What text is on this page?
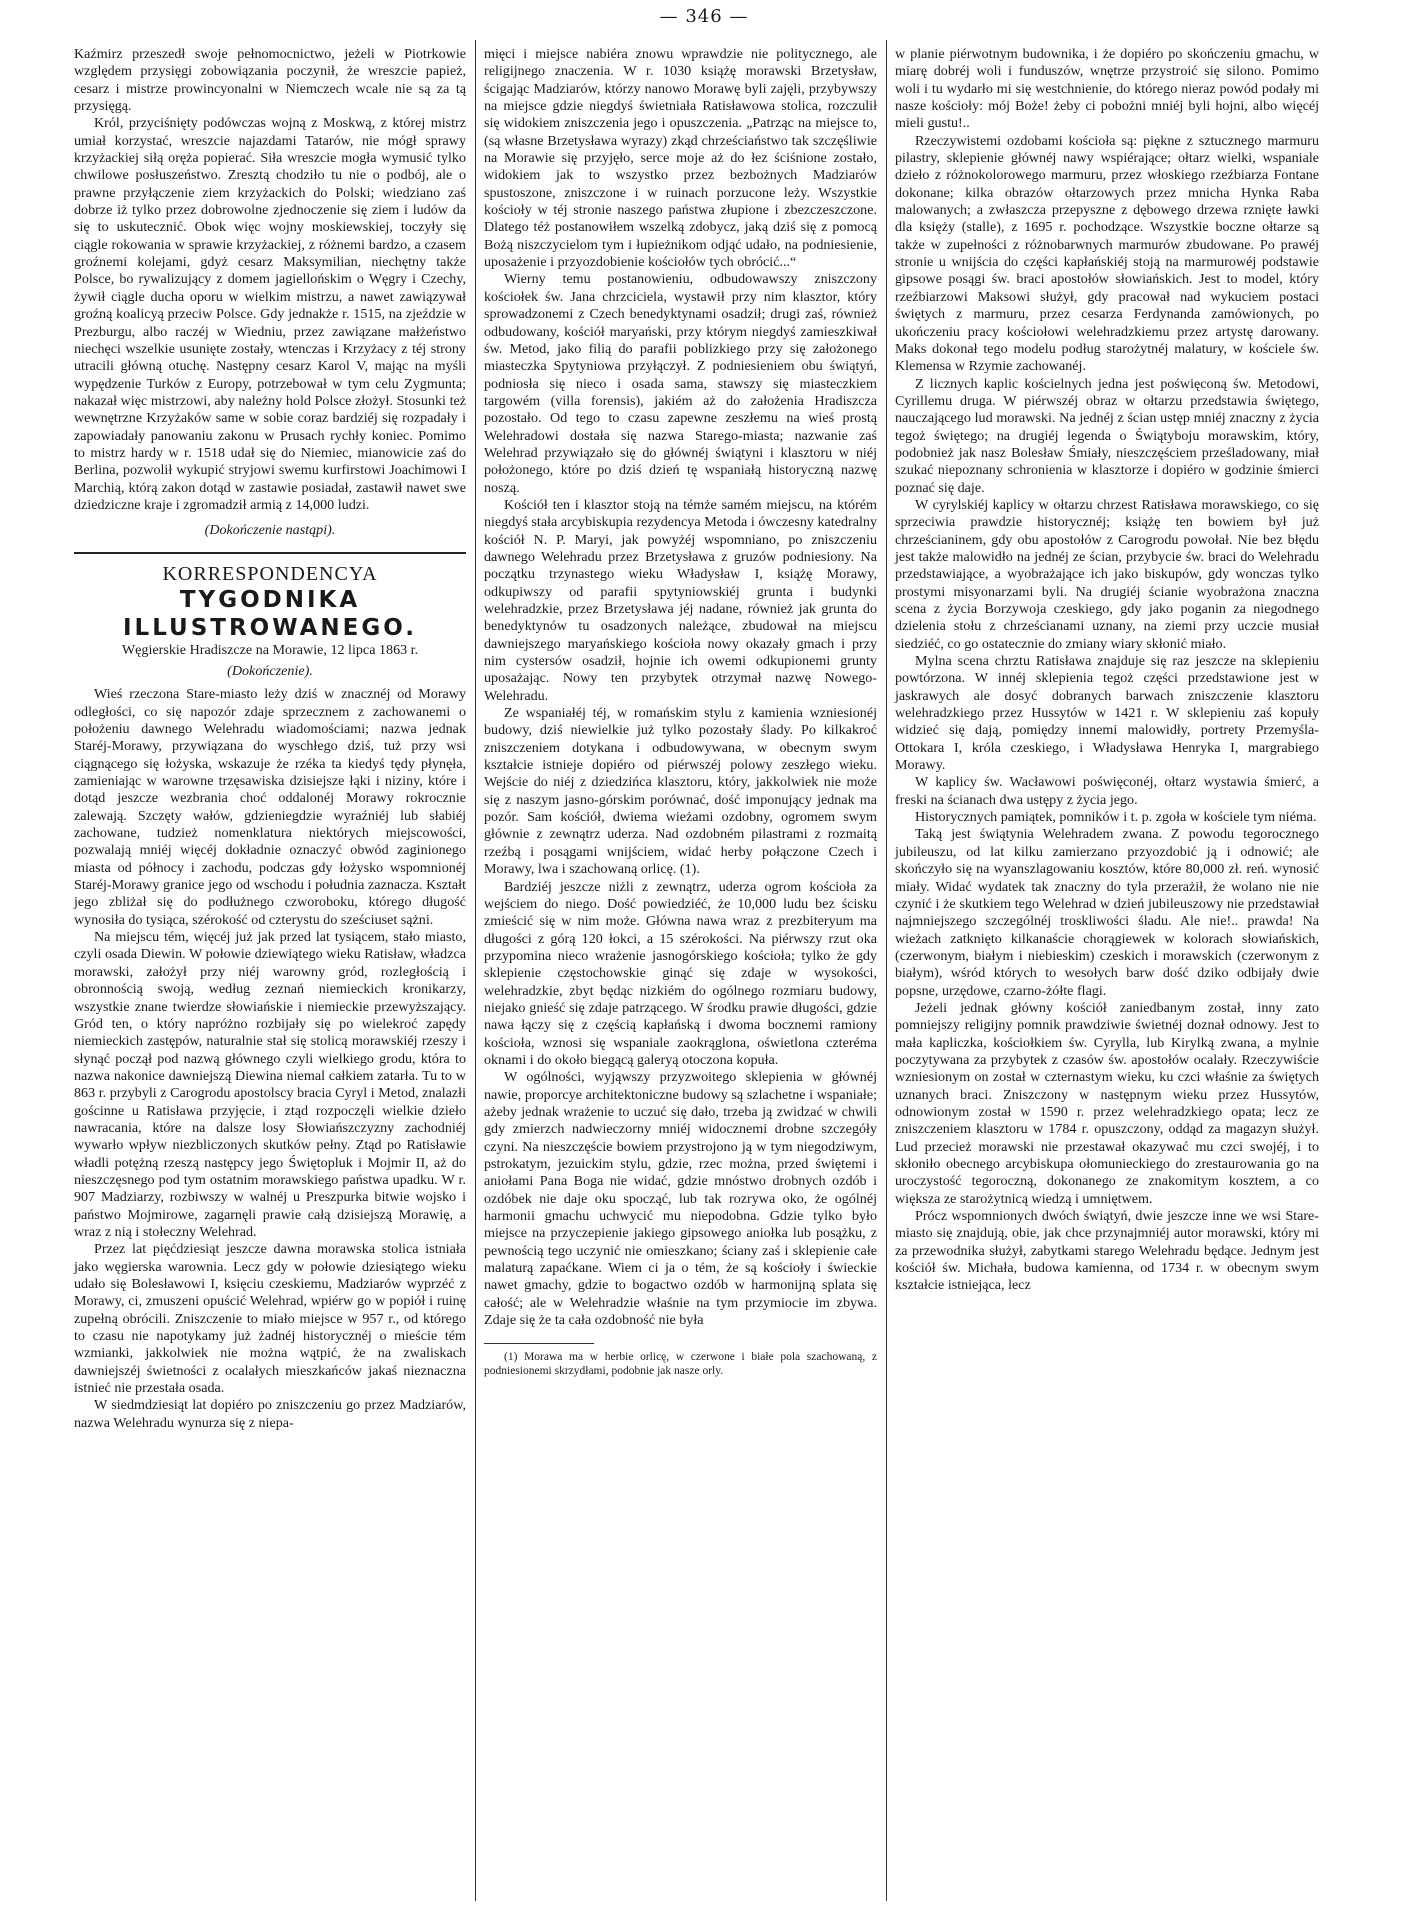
— 346 —

Kaźmirz przeszedł swoje pełnomocnictwo, jeżeli w Piotrkowie względem przysięgi zobowiązania poczynił, że wreszcie papież, cesarz i mistrze prowincyonalni w Niemczech wcale nie są za tą przysięgą.

Król, przyciśnięty podówczas wojną z Moskwą, z której mistrz umiał korzystać, wreszcie najazdami Tatarów, nie mógł sprawy krzyżackiej siłą oręża popierać. Siła wreszcie mogła wymusić tylko chwilowe posłuszeństwo. Zresztą chodziło tu nie o podbój, ale o prawne przyłączenie ziem krzyżackich do Polski; wiedziano zaś dobrze iż tylko przez dobrowolne zjednoczenie się ziem i ludów da się to uskutecznić. Obok więc wojny moskiewskiej, toczyły się ciągle rokowania w sprawie krzyżackiej, z różnemi bardzo, a czasem groźnemi kolejami, gdyż cesarz Maksymilian, niechętny także Polsce, bo rywalizujący z domem jagiellońskim o Węgry i Czechy, żywił ciągle ducha oporu w wielkim mistrzu, a nawet zawiązywał groźną koalicyą przeciw Polsce. Gdy jednakże r. 1515, na zjeździe w Prezburgu, albo raczéj w Wiedniu, przez zawiązane małżeństwo niechęci wszelkie usunięte zostały, wtenczas i Krzyżacy z téj strony utracili główną otuchę. Następny cesarz Karol V, mając na myśli wypędzenie Turków z Europy, potrzebował w tym celu Zygmunta; nakazał więc mistrzowi, aby należny hold Polsce złożył. Stosunki też wewnętrzne Krzyżaków same w sobie coraz bardziéj się rozpadały i zapowiadały panowaniu zakonu w Prusach rychły koniec. Pomimo to mistrz hardy w r. 1518 udał się do Niemiec, mianowicie zaś do Berlina, pozwolił wykupić stryjowi swemu kurfirstowi Joachimowi I Marchią, którą zakon dotąd w zastawie posiadał, zastawił nawet swe dziedziczne kraje i zgromadził armią z 14,000 ludzi.

(Dokończenie nastąpi).

KORRESPONDENCYA

TYGODNIKA ILLUSTROWANEGO.

Węgierskie Hradiszcze na Morawie, 12 lipca 1863 r.

(Dokończenie).

Wieś rzeczona Stare-miasto leży dziś w znacznéj od Morawy odległości, co się napozór zdaje sprzecznem z zachowanemi o położeniu dawnego Welehradu wiadomościami; nazwa jednak Staréj-Morawy, przywiązana do wyschłego dziś, tuż przy wsi ciągnącego się łożyska, wskazuje że rzéka ta kiedyś tędy płynęła, zamieniając w warowne trzęsawiska dzisiejsze łąki i niziny, które i dotąd jeszcze wezbrania choć oddalonéj Morawy rokrocznie zalewają. Szczęty wałów, gdzieniegdzie wyraźniéj lub słabiéj zachowane, tudzież nomenklatura niektórych miejscowości, pozwalają mniéj więcéj dokładnie oznaczyć obwód zaginionego miasta od północy i zachodu, podczas gdy łożysko wspomnionéj Staréj-Morawy granice jego od wschodu i południa zaznacza. Kształt jego zbliżał się do podłużnego czworoboku, którego długość wynosiła do tysiąca, szérokość od czterystu do sześciuset sążni.

Na miejscu tém, więcéj już jak przed lat tysiącem, stało miasto, czyli osada Diewin. W połowie dziewiątego wieku Ratisław, władzca morawski, założył przy niéj warowny gród, rozległością i obronnością swoją, według zeznań niemieckich kronikarzy, wszystkie znane twierdze słowiańskie i niemieckie przewyższający. Gród ten, o który napróżno rozbijały się po wielekroć zapędy niemieckich zastępów, naturalnie stał się stolicą morawskiéj rzeszy i słynąć począł pod nazwą głównego czyli wielkiego grodu, która to nazwa nakonice dawniejszą Diewina niemal całkiem zatarła. Tu to w 863 r. przybyli z Carogrodu apostolscy bracia Cyryl i Metod, znalazłi gościnne u Ratisława przyjęcie, i ztąd rozpoczęli wielkie dzieło nawracania, które na dalsze losy Słowiańszczyzny zachodniéj wywarło wpływ niezbliczonych skutków pełny. Ztąd po Ratisławie władli potężną rzeszą następcy jego Świętopluk i Mojmir II, aż do nieszczęsnego pod tym ostatnim morawskiego państwa upadku. W r. 907 Madziarzy, rozbiwszy w walnéj u Preszpurka bitwie wojsko i państwo Mojmirowe, zagarnęli prawie całą dzisiejszą Morawię, a wraz z nią i stołeczny Welehrad.

Przez lat pięćdziesiąt jeszcze dawna morawska stolica istniała jako węgierska warownia. Lecz gdy w połowie dziesiątego wieku udało się Bolesławowi I, księciu czeskiemu, Madziarów wyprzéć z Morawy, ci, zmuszeni opuścić Welehrad, wpiérw go w popiół i ruinę zupełną obrócili. Zniszczenie to miało miejsce w 957 r., od którego to czasu nie napotykamy już żadnéj historycznéj o mieście tém wzmianki, jakkolwiek nie można wątpić, że na zwaliskach dawniejszéj świetności z ocalałych mieszkańców jakaś nieznaczna istnieć nie przestała osada.

W siedmdziesiąt lat dopiéro po zniszczeniu go przez Madziarów, nazwa Welehradu wynurza się z niepa-

mięci i miejsce nabiéra znowu wprawdzie nie politycznego, ale religijnego znaczenia. W r. 1030 książę morawski Brzetysław, ścigając Madziarów, którzy nanowo Morawę byli zajęli, przybywszy na miejsce gdzie niegdyś świetniała Ratisławowa stolica, rozczulił się widokiem zniszczenia jego i opuszczenia. „Patrząc na miejsce to, (są własne Brzetysława wyrazy) zkąd chrześciaństwo tak szczęśliwie na Morawie się przyjęło, serce moje aż do łez ściśnione zostało, widokiem jak to wszystko przez bezbożnych Madziarów spustoszone, zniszczone i w ruinach porzucone leży. Wszystkie kościoły w téj stronie naszego państwa złupione i zbezczeszczone. Dlatego téż postanowiłem wszelką zdobycz, jaką dziś się z pomocą Bożą niszczycielom tym i łupieżnikom odjąć udało, na podniesienie, uposażenie i przyozdobienie kościołów tych obrócić...“

Wierny temu postanowieniu, odbudowawszy zniszczony kościołek św. Jana chrzciciela, wystawił przy nim klasztor, który sprowadzonemi z Czech benedyktynami osadził; drugi zaś, również odbudowany, kościół maryański, przy którym niegdyś zamieszkiwał św. Metod, jako filią do parafii poblizkiego przy się założonego miasteczka Spytyniowa przyłączył. Z podniesieniem obu świątyń, podniosła się nieco i osada sama, stawszy się miasteczkiem targowém (villa forensis), jakiém aż do założenia Hradiszcza pozostało. Od tego to czasu zapewne zeszłemu na wieś prostą Welehradowi dostała się nazwa Starego-miasta; nazwanie zaś Welehrad przywiązało się do głównéj świątyni i klasztoru w niéj położonego, które po dziś dzień tę wspaniałą historyczną nazwę noszą.

Kościół ten i klasztor stoją na témże samém miejscu, na którém niegdyś stała arcybiskupia rezydencya Metoda i ówczesny katedralny kościół N. P. Maryi, jak powyżéj wspomniano, po zniszczeniu dawnego Welehradu przez Brzetysława z gruzów podniesiony. Na początku trzynastego wieku Władysław I, książę Morawy, odkupiwszy od parafii spytyniowskiéj grunta i budynki welehradzkie, przez Brzetysława jéj nadane, również jak grunta do benedyktynów tu osadzonych należące, zbudował na miejscu dawniejszego maryańskiego kościoła nowy okazały gmach i przy nim cystersów osadził, hojnie ich owemi odkupionemi grunty uposażając. Nowy ten przybytek otrzymał nazwę Nowego-Welehradu.

Ze wspaniałéj téj, w romańskim stylu z kamienia wzniesionéj budowy, dziś niewielkie już tylko pozostały ślady. Po kilkakroć zniszczeniem dotykana i odbudowywana, w obecnym swym kształcie istnieje dopiéro od piérwszéj polowy zeszłego wieku. Wejście do niéj z dziedzińca klasztoru, który, jakkolwiek nie może się z naszym jasno-górskim porównać, dość imponujący jednak ma pozór. Sam kościół, dwiema wieżami ozdobny, ogromem swym głównie z zewnątrz uderza. Nad ozdobném pilastrami z rozmaitą rzeźbą i posągami wnijściem, widać herby połączone Czech i Morawy, lwa i szachowaną orlicę. (1).

Bardziéj jeszcze niżli z zewnątrz, uderza ogrom kościoła za wejściem do niego. Dość powiedziéć, że 10,000 ludu bez ścisku zmieścić się w nim może. Główna nawa wraz z prezbiteryum ma długości z górą 120 łokci, a 15 szérokości. Na piérwszy rzut oka przypomina nieco wrażenie jasnogórskiego kościoła; tylko że gdy sklepienie częstochowskie ginąć się zdaje w wysokości, welehradzkie, zbyt będąc nizkiém do ogólnego rozmiaru budowy, niejako gnieść się zdaje patrzącego. W środku prawie długości, gdzie nawa łączy się z częścią kapłańską i dwoma bocznemi ramiony kościoła, wznosi się wspaniale zaokrąglona, oświetlona czteréma oknami i do około biegącą galeryą otoczona kopuła.

W ogólności, wyjąwszy przyzwoitego sklepienia w głównéj nawie, proporcye architektoniczne budowy są szlachetne i wspaniałe; ażeby jednak wrażenie to uczuć się dało, trzeba ją zwidzać w chwili gdy zmierzch nadwieczorny mniéj widocznemi drobne szczegóły czyni. Na nieszczęście bowiem przystrojono ją w tym niegodziwym, pstrokatym, jezuickim stylu, gdzie, rzec można, przed świętemi i aniołami Pana Boga nie widać, gdzie mnóstwo drobnych ozdób i ozdóbek nie daje oku spocząć, lub tak rozrywa oko, że ogólnéj harmonii gmachu uchwycić mu niepodobna. Gdzie tylko było miejsce na przyczepienie jakiego gipsowego aniołka lub posążku, z pewnością tego uczynić nie omieszkano; ściany zaś i sklepienie całe malaturą zapaćkane. Wiem ci ja o tém, że są kościoły i świeckie nawet gmachy, gdzie to bogactwo ozdób w harmonijną splata się całość; ale w Welehradzie właśnie na tym przymiocie im zbywa. Zdaje się że ta cała ozdobność nie była

(1) Morawa ma w herbie orlicę, w czerwone i białe pola szachowaną, z podniesionemi skrzydłami, podobnie jak nasze orly.

w planie piérwotnym budownika, i że dopiéro po skończeniu gmachu, w miarę dobréj woli i funduszów, wnętrze przystroić się silono. Pomimo woli i tu wydarło mi się westchnienie, do którego nieraz powód podały mi nasze kościoły: mój Boże! żeby ci pobożni mniéj byli hojni, albo więcéj mieli gustu!..

Rzeczywistemi ozdobami kościoła są: piękne z sztucznego marmuru pilastry, sklepienie głównéj nawy wspiérające; ołtarz wielki, wspaniale dzieło z różnokolorowego marmuru, przez włoskiego rzeźbiarza Fontane dokonane; kilka obrazów ołtarzowych przez mnicha Hynka Raba malowanych; a zwłaszcza przepyszne z dębowego drzewa rznięte ławki dla księży (stalle), z 1695 r. pochodzące. Wszystkie boczne ołtarze są także w zupełności z różnobarwnych marmurów zbudowane. Po prawéj stronie u wnijścia do części kapłańskiéj stoją na marmurowéj podstawie gipsowe posągi św. braci apostołów słowiańskich. Jest to model, który rzeźbiarzowi Maksowi służył, gdy pracował nad wykuciem postaci świętych z marmuru, przez cesarza Ferdynanda zamówionych, po ukończeniu pracy kościołowi welehradzkiemu przez artystę darowany. Maks dokonał tego modelu podług starożytnéj malatury, w kościele św. Klemensa w Rzymie zachowanéj.

Z licznych kaplic kościelnych jedna jest poświęconą św. Metodowi, Cyrillemu druga. W piérwszéj obraz w ołtarzu przedstawia świętego, nauczającego lud morawski. Na jednéj z ścian ustęp mniéj znaczny z życia tegoż świętego; na drugiéj legenda o Świątyboju morawskim, który, podobnież jak nasz Bolesław Śmiały, nieszczęściem prześladowany, miał szukać niepoznany schronienia w klasztorze i dopiéro w godzinie śmierci poznać się daje.

W cyrylskiéj kaplicy w ołtarzu chrzest Ratisława morawskiego, co się sprzeciwia prawdzie historycznéj; książę ten bowiem był już chrześcianinem, gdy obu apostołów z Carogrodu powołał. Nie bez błędu jest także malowidło na jednéj ze ścian, przybycie św. braci do Welehradu przedstawiające, a wyobrażające ich jako biskupów, gdy wonczas tylko prostymi misyonarzami byli. Na drugiéj ścianie wyobrażona znaczna scena z życia Borzywoja czeskiego, gdy jako poganin za niegodnego dzielenia stołu z chrześcianami uznany, na ziemi przy uczcie musiał siedziéć, co go ostatecznie do zmiany wiary skłonić miało.

Mylna scena chrztu Ratisława znajduje się raz jeszcze na sklepieniu powtórzona. W innéj sklepienia tegoż części przedstawione jest w jaskrawych ale dosyć dobranych barwach zniszczenie klasztoru welehradzkiego przez Hussytów w 1421 r. W sklepieniu zaś kopuły widzieć się dają, pomiędzy innemi malowidły, portrety Przemyśla-Ottokara I, króla czeskiego, i Władysława Henryka I, margrabiego Morawy.

W kaplicy św. Wacławowi poświęconéj, ołtarz wystawia śmierć, a freski na ścianach dwa ustępy z życia jego.

Historycznych pamiątek, pomników i t. p. zgoła w kościele tym niéma.

Taką jest świątynia Welehradem zwana. Z powodu tegorocznego jubileuszu, od lat kilku zamierzano przyozdobić ją i odnowić; ale skończyło się na wyanszlagowaniu kosztów, które 80,000 zł. reń. wynosić miały. Widać wydatek tak znaczny do tyla przerażił, że wolano nie nie czynić i że skutkiem tego Welehrad w dzień jubileuszowy nie przedstawiał najmniejszego szczególnéj troskliwości śladu. Ale nie!.. prawda! Na wieżach zatknięto kilkanaście chorągiewek w kolorach słowiańskich, (czerwonym, białym i niebieskim) czeskich i morawskich (czerwonym z białym), wśród których to wesołych barw dość dziko odbijały dwie popsne, urzędowe, czarno-żółte flagi.

Jeżeli jednak główny kościół zaniedbanym został, inny zato pomniejszy religijny pomnik prawdziwie świetnéj doznał odnowy. Jest to mała kapliczka, kościołkiem św. Cyrylla, lub Kirylką zwana, a mylnie poczytywana za przybytek z czasów św. apostołów ocalały. Rzeczywiście wzniesionym on został w czternastym wieku, ku czci właśnie za świętych uznanych braci. Zniszczony w następnym wieku przez Hussytów, odnowionym został w 1590 r. przez welehradzkiego opata; lecz ze zniszczeniem klasztoru w 1784 r. opuszczony, oddąd za magazyn służył. Lud przecież morawski nie przestawał okazywać mu czci swojéj, i to skłoniło obecnego arcybiskupa ołomunieckiego do zrestaurowania go na uroczystość tegoroczną, dokonanego ze znakomitym kosztem, a co większa ze starożytnicą wiedzą i umniętwem.

Prócz wspomnionych dwóch świątyń, dwie jeszcze inne we wsi Stare-miasto się znajdują, obie, jak chce przynajmniéj autor morawski, który mi za przewodnika służył, zabytkami starego Welehradu będące. Jednym jest kościół św. Michała, budowa kamienna, od 1734 r. w obecnym swym kształcie istniejąca, lecz
